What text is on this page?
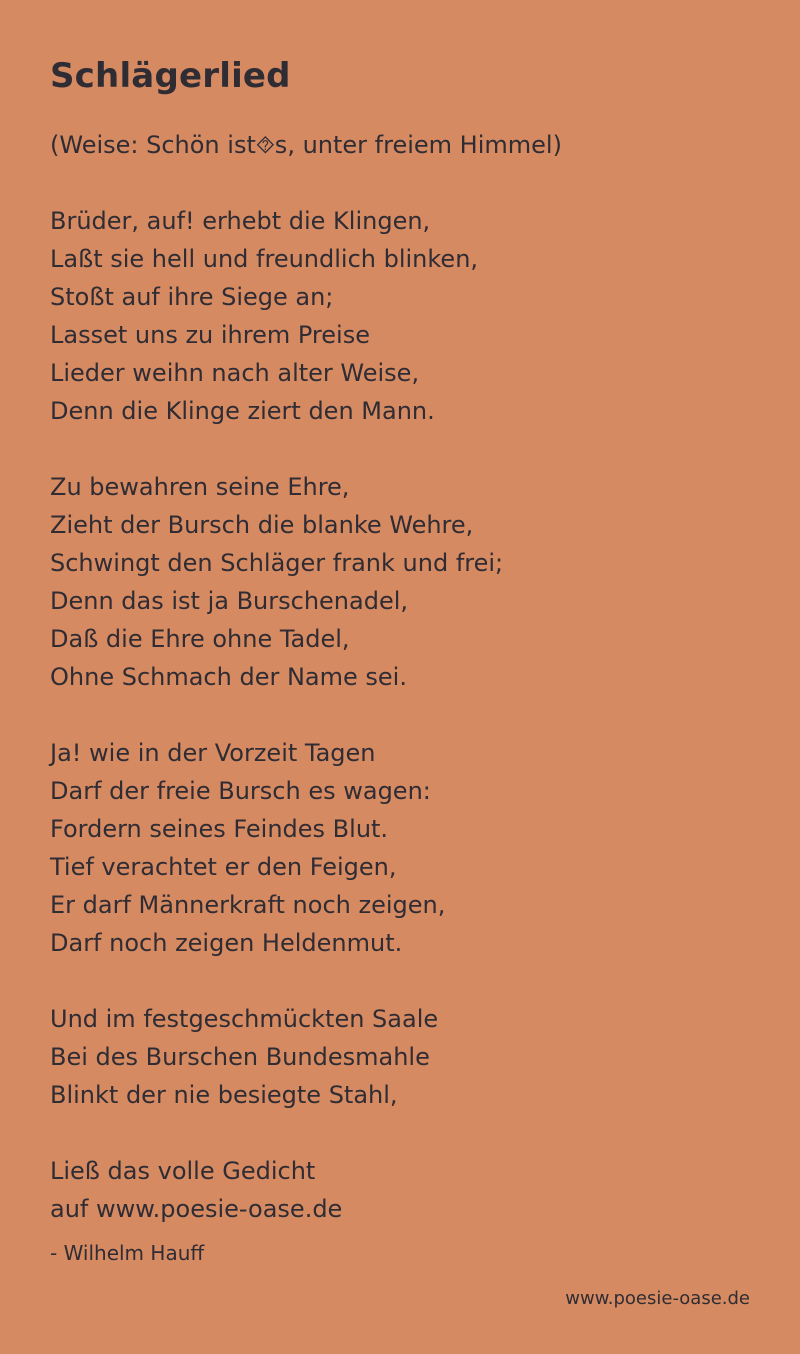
Schlägerlied

(Weise: Schön ist⯑s, unter freiem Himmel)

Brüder, auf! erhebt die Klingen,
Laßt sie hell und freundlich blinken,
Stoßt auf ihre Siege an;
Lasset uns zu ihrem Preise
Lieder weihn nach alter Weise,
Denn die Klinge ziert den Mann.
Zu bewahren seine Ehre,
Zieht der Bursch die blanke Wehre,
Schwingt den Schläger frank und frei;
Denn das ist ja Burschenadel,
Daß die Ehre ohne Tadel,
Ohne Schmach der Name sei.
Ja! wie in der Vorzeit Tagen
Darf der freie Bursch es wagen:
Fordern seines Feindes Blut.
Tief verachtet er den Feigen,
Er darf Männerkraft noch zeigen,
Darf noch zeigen Heldenmut.
Und im festgeschmückten Saale
Bei des Burschen Bundesmahle
Blinkt der nie besiegte Stahl,
Ließ das volle Gedicht
auf www.poesie-oase.de

- Wilhelm Hauff

www.poesie-oase.de
